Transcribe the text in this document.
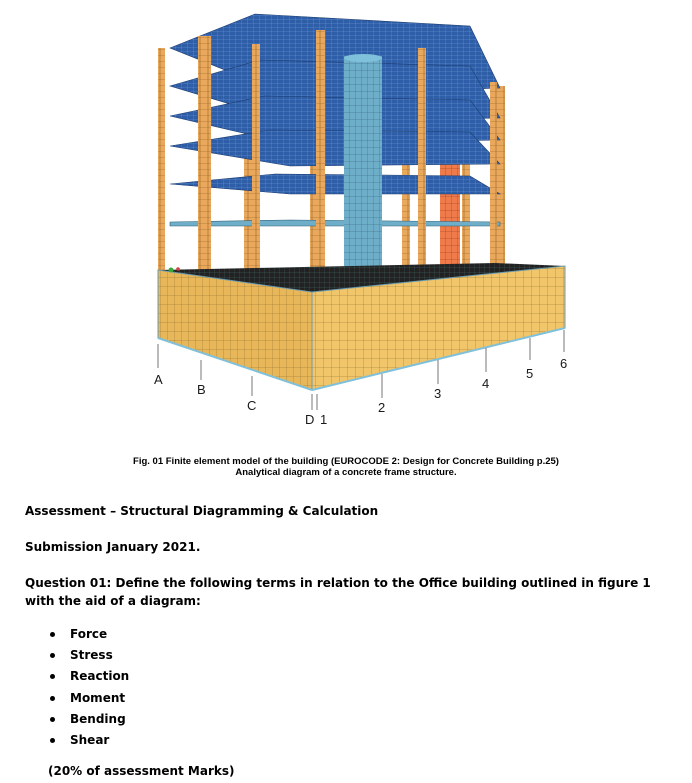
A
B
C
D 1
2
3
4
5
6
Fig. 01 Finite element model of the building (EUROCODE 2: Design for Concrete Building p.25)
Analytical diagram of a concrete frame structure.
Assessment – Structural Diagramming & Calculation
Submission January 2021.
Question 01: Define the following terms in relation to the Office building outlined in figure 1 with the aid of a diagram:
Force
Stress
Reaction
Moment
Bending
Shear
(20% of assessment Marks)
